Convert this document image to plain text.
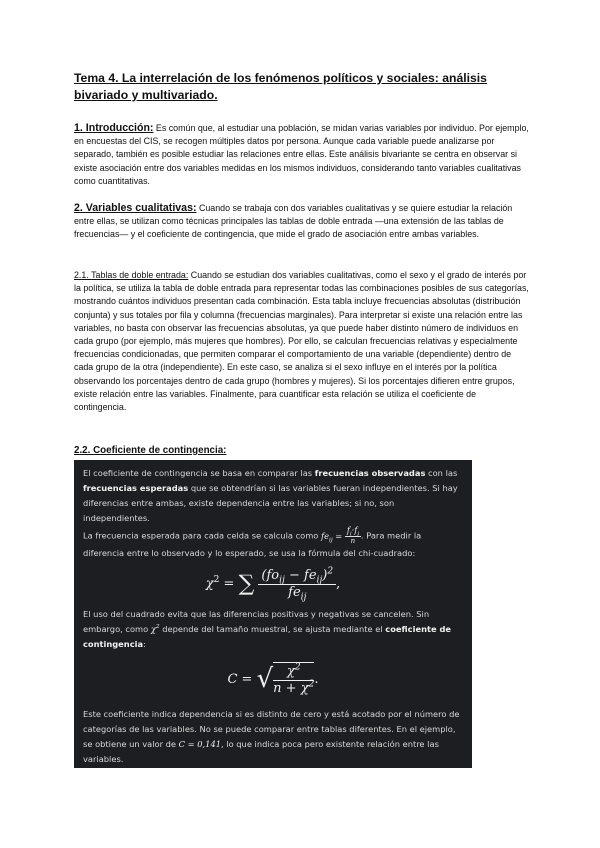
Tema 4. La interrelación de los fenómenos políticos y sociales: análisis bivariado y multivariado.

1. Introducción: Es común que, al estudiar una población, se midan varias variables por individuo. Por ejemplo, en encuestas del CIS, se recogen múltiples datos por persona. Aunque cada variable puede analizarse por separado, también es posible estudiar las relaciones entre ellas. Este análisis bivariante se centra en observar si existe asociación entre dos variables medidas en los mismos individuos, considerando tanto variables cualitativas como cuantitativas.

2. Variables cualitativas: Cuando se trabaja con dos variables cualitativas y se quiere estudiar la relación entre ellas, se utilizan como técnicas principales las tablas de doble entrada —una extensión de las tablas de frecuencias— y el coeficiente de contingencia, que mide el grado de asociación entre ambas variables.

2.1. Tablas de doble entrada: Cuando se estudian dos variables cualitativas, como el sexo y el grado de interés por la política, se utiliza la tabla de doble entrada para representar todas las combinaciones posibles de sus categorías, mostrando cuántos individuos presentan cada combinación. Esta tabla incluye frecuencias absolutas (distribución conjunta) y sus totales por fila y columna (frecuencias marginales). Para interpretar si existe una relación entre las variables, no basta con observar las frecuencias absolutas, ya que puede haber distinto número de individuos en cada grupo (por ejemplo, más mujeres que hombres). Por ello, se calculan frecuencias relativas y especialmente frecuencias condicionadas, que permiten comparar el comportamiento de una variable (dependiente) dentro de cada grupo de la otra (independiente). En este caso, se analiza si el sexo influye en el interés por la política observando los porcentajes dentro de cada grupo (hombres y mujeres). Si los porcentajes difieren entre grupos, existe relación entre las variables. Finalmente, para cuantificar esta relación se utiliza el coeficiente de contingencia.

2.2. Coeficiente de contingencia:

El coeficiente de contingencia se basa en comparar las frecuencias observadas con las frecuencias esperadas que se obtendrían si las variables fueran independientes. Si hay diferencias entre ambas, existe dependencia entre las variables; si no, son independientes.

La frecuencia esperada para cada celda se calcula como $fe_{ij} = \frac{f_i\cdot f_j}{n}$ . Para medir la diferencia entre lo observado y lo esperado, se usa la fórmula del chi-cuadrado:

$\chi^2$ = ∑ $\frac{(fo_{ij} - fe_{ij})^2}{fe_{ij}}$ ,

El uso del cuadrado evita que las diferencias positivas y negativas se cancelen. Sin embargo, como $\chi^2$ depende del tamaño muestral, se ajusta mediante el coeficiente de contingencia:

C = √ $\frac{\chi^2}{n + \chi^2}$ .

Este coeficiente indica dependencia si es distinto de cero y está acotado por el número de categorías de las variables. No se puede comparar entre tablas diferentes. En el ejemplo, se obtiene un valor de C = 0,141, lo que indica poca pero existente relación entre las variables.
